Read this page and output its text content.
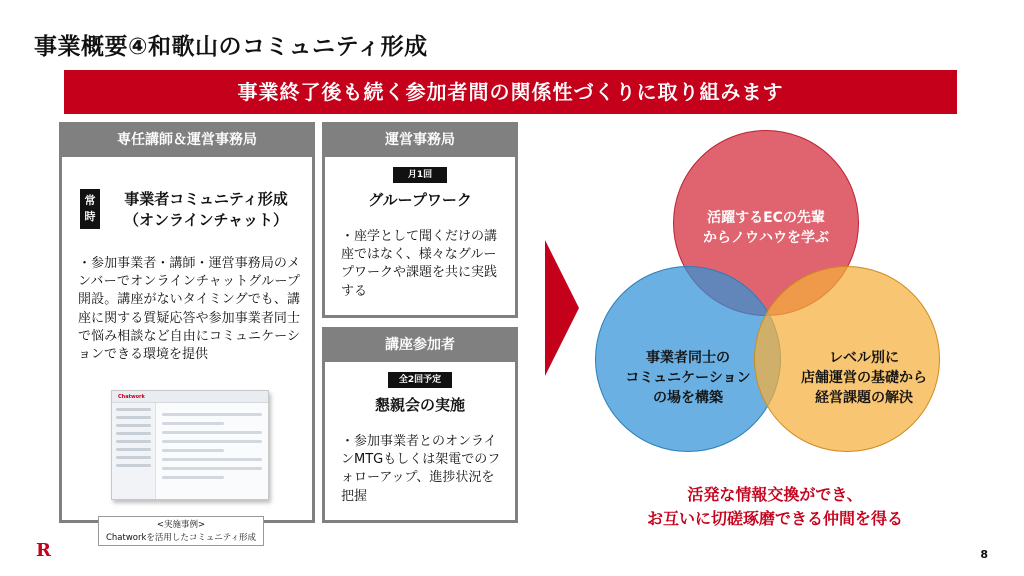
事業概要④和歌山のコミュニティ形成
事業終了後も続く参加者間の関係性づくりに取り組みます
専任講師＆運営事務局
常時
事業者コミュニティ形成
（オンラインチャット）
・参加事業者・講師・運営事務局のメンバーでオンラインチャットグループ開設。講座がないタイミングでも、講座に関する質疑応答や参加事業者同士で悩み相談など自由にコミュニケーションできる環境を提供
Chatwork
<実施事例>
Chatworkを活用したコミュニティ形成
運営事務局
月1回
グループワーク
・座学として聞くだけの講座ではなく、様々なグループワークや課題を共に実践する
講座参加者
全2回予定
懇親会の実施
・参加事業者とのオンラインMTGもしくは架電でのフォローアップ、進捗状況を把握
活躍するECの先輩
からノウハウを学ぶ
事業者同士の
コミュニケーション
の場を構築
レベル別に
店舗運営の基礎から
経営課題の解決
活発な情報交換ができ、
お互いに切磋琢磨できる仲間を得る
R	8
